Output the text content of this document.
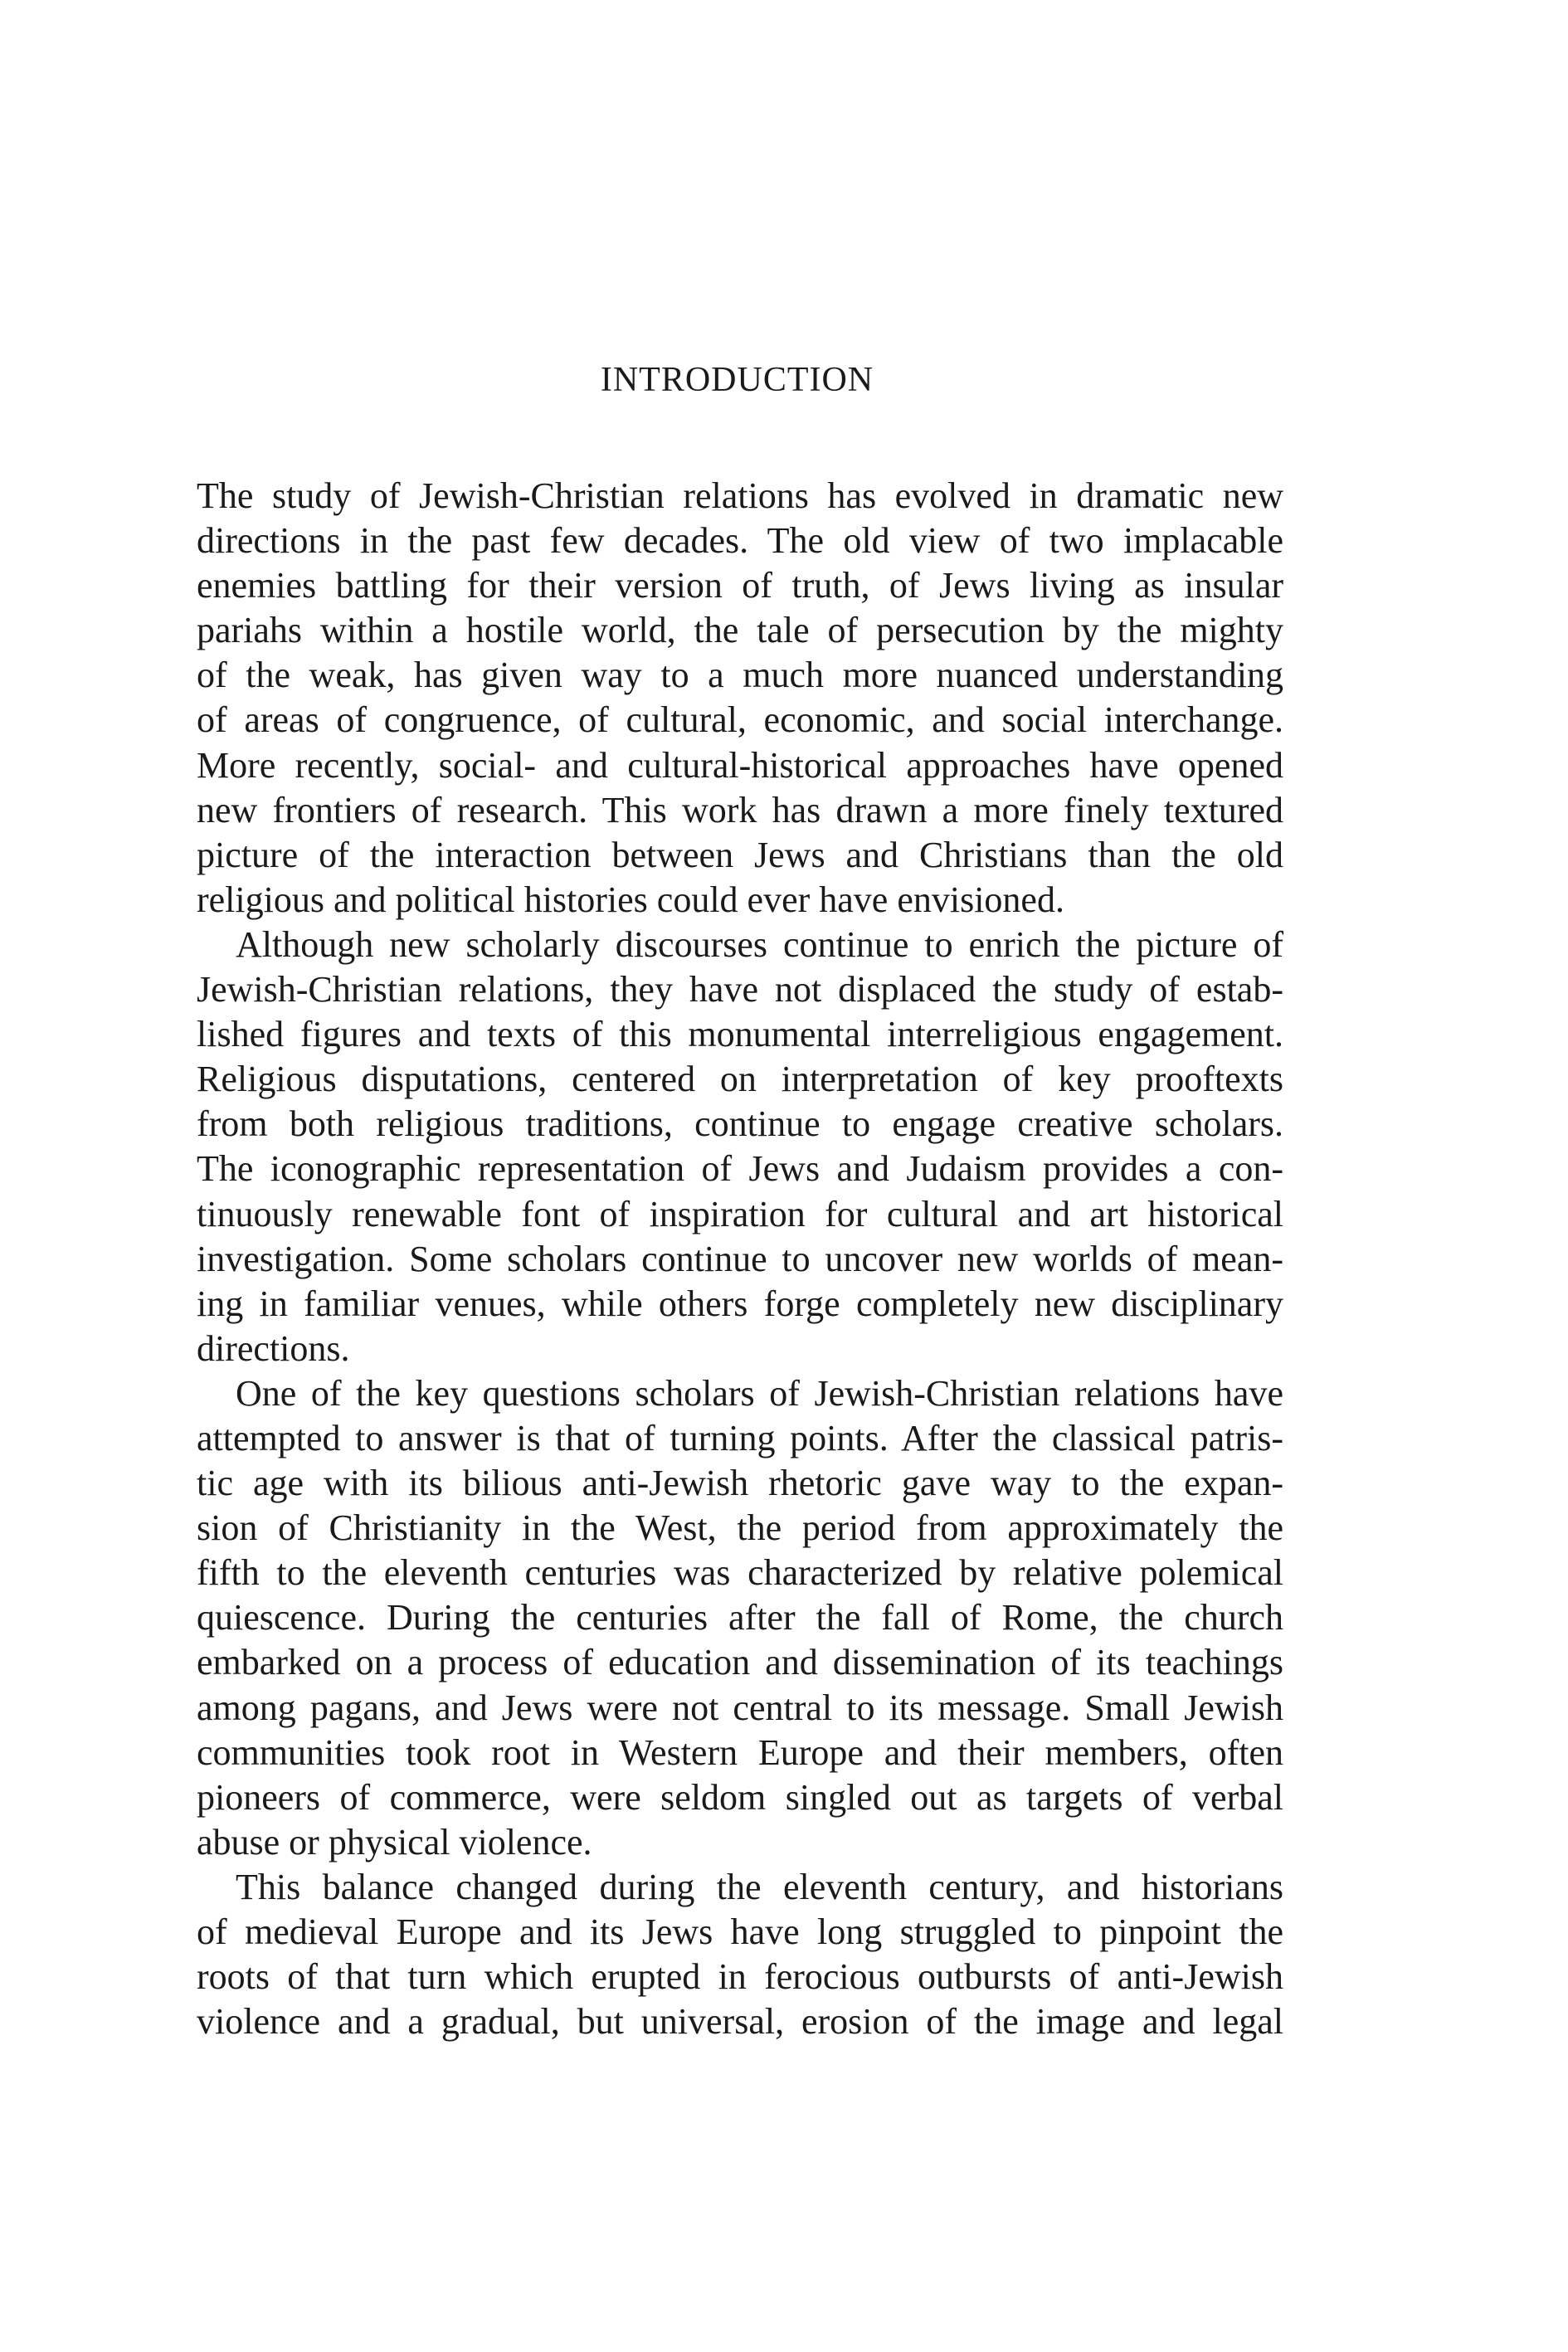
INTRODUCTION
The study of Jewish-Christian relations has evolved in dramatic new
directions in the past few decades. The old view of two implacable
enemies battling for their version of truth, of Jews living as insular
pariahs within a hostile world, the tale of persecution by the mighty
of the weak, has given way to a much more nuanced understanding
of areas of congruence, of cultural, economic, and social interchange.
More recently, social- and cultural-historical approaches have opened
new frontiers of research. This work has drawn a more finely textured
picture of the interaction between Jews and Christians than the old
religious and political histories could ever have envisioned.
Although new scholarly discourses continue to enrich the picture of
Jewish-Christian relations, they have not displaced the study of estab-
lished figures and texts of this monumental interreligious engagement.
Religious disputations, centered on interpretation of key prooftexts
from both religious traditions, continue to engage creative scholars.
The iconographic representation of Jews and Judaism provides a con-
tinuously renewable font of inspiration for cultural and art historical
investigation. Some scholars continue to uncover new worlds of mean-
ing in familiar venues, while others forge completely new disciplinary
directions.
One of the key questions scholars of Jewish-Christian relations have
attempted to answer is that of turning points. After the classical patris-
tic age with its bilious anti-Jewish rhetoric gave way to the expan-
sion of Christianity in the West, the period from approximately the
fifth to the eleventh centuries was characterized by relative polemical
quiescence. During the centuries after the fall of Rome, the church
embarked on a process of education and dissemination of its teachings
among pagans, and Jews were not central to its message. Small Jewish
communities took root in Western Europe and their members, often
pioneers of commerce, were seldom singled out as targets of verbal
abuse or physical violence.
This balance changed during the eleventh century, and historians
of medieval Europe and its Jews have long struggled to pinpoint the
roots of that turn which erupted in ferocious outbursts of anti-Jewish
violence and a gradual, but universal, erosion of the image and legal
